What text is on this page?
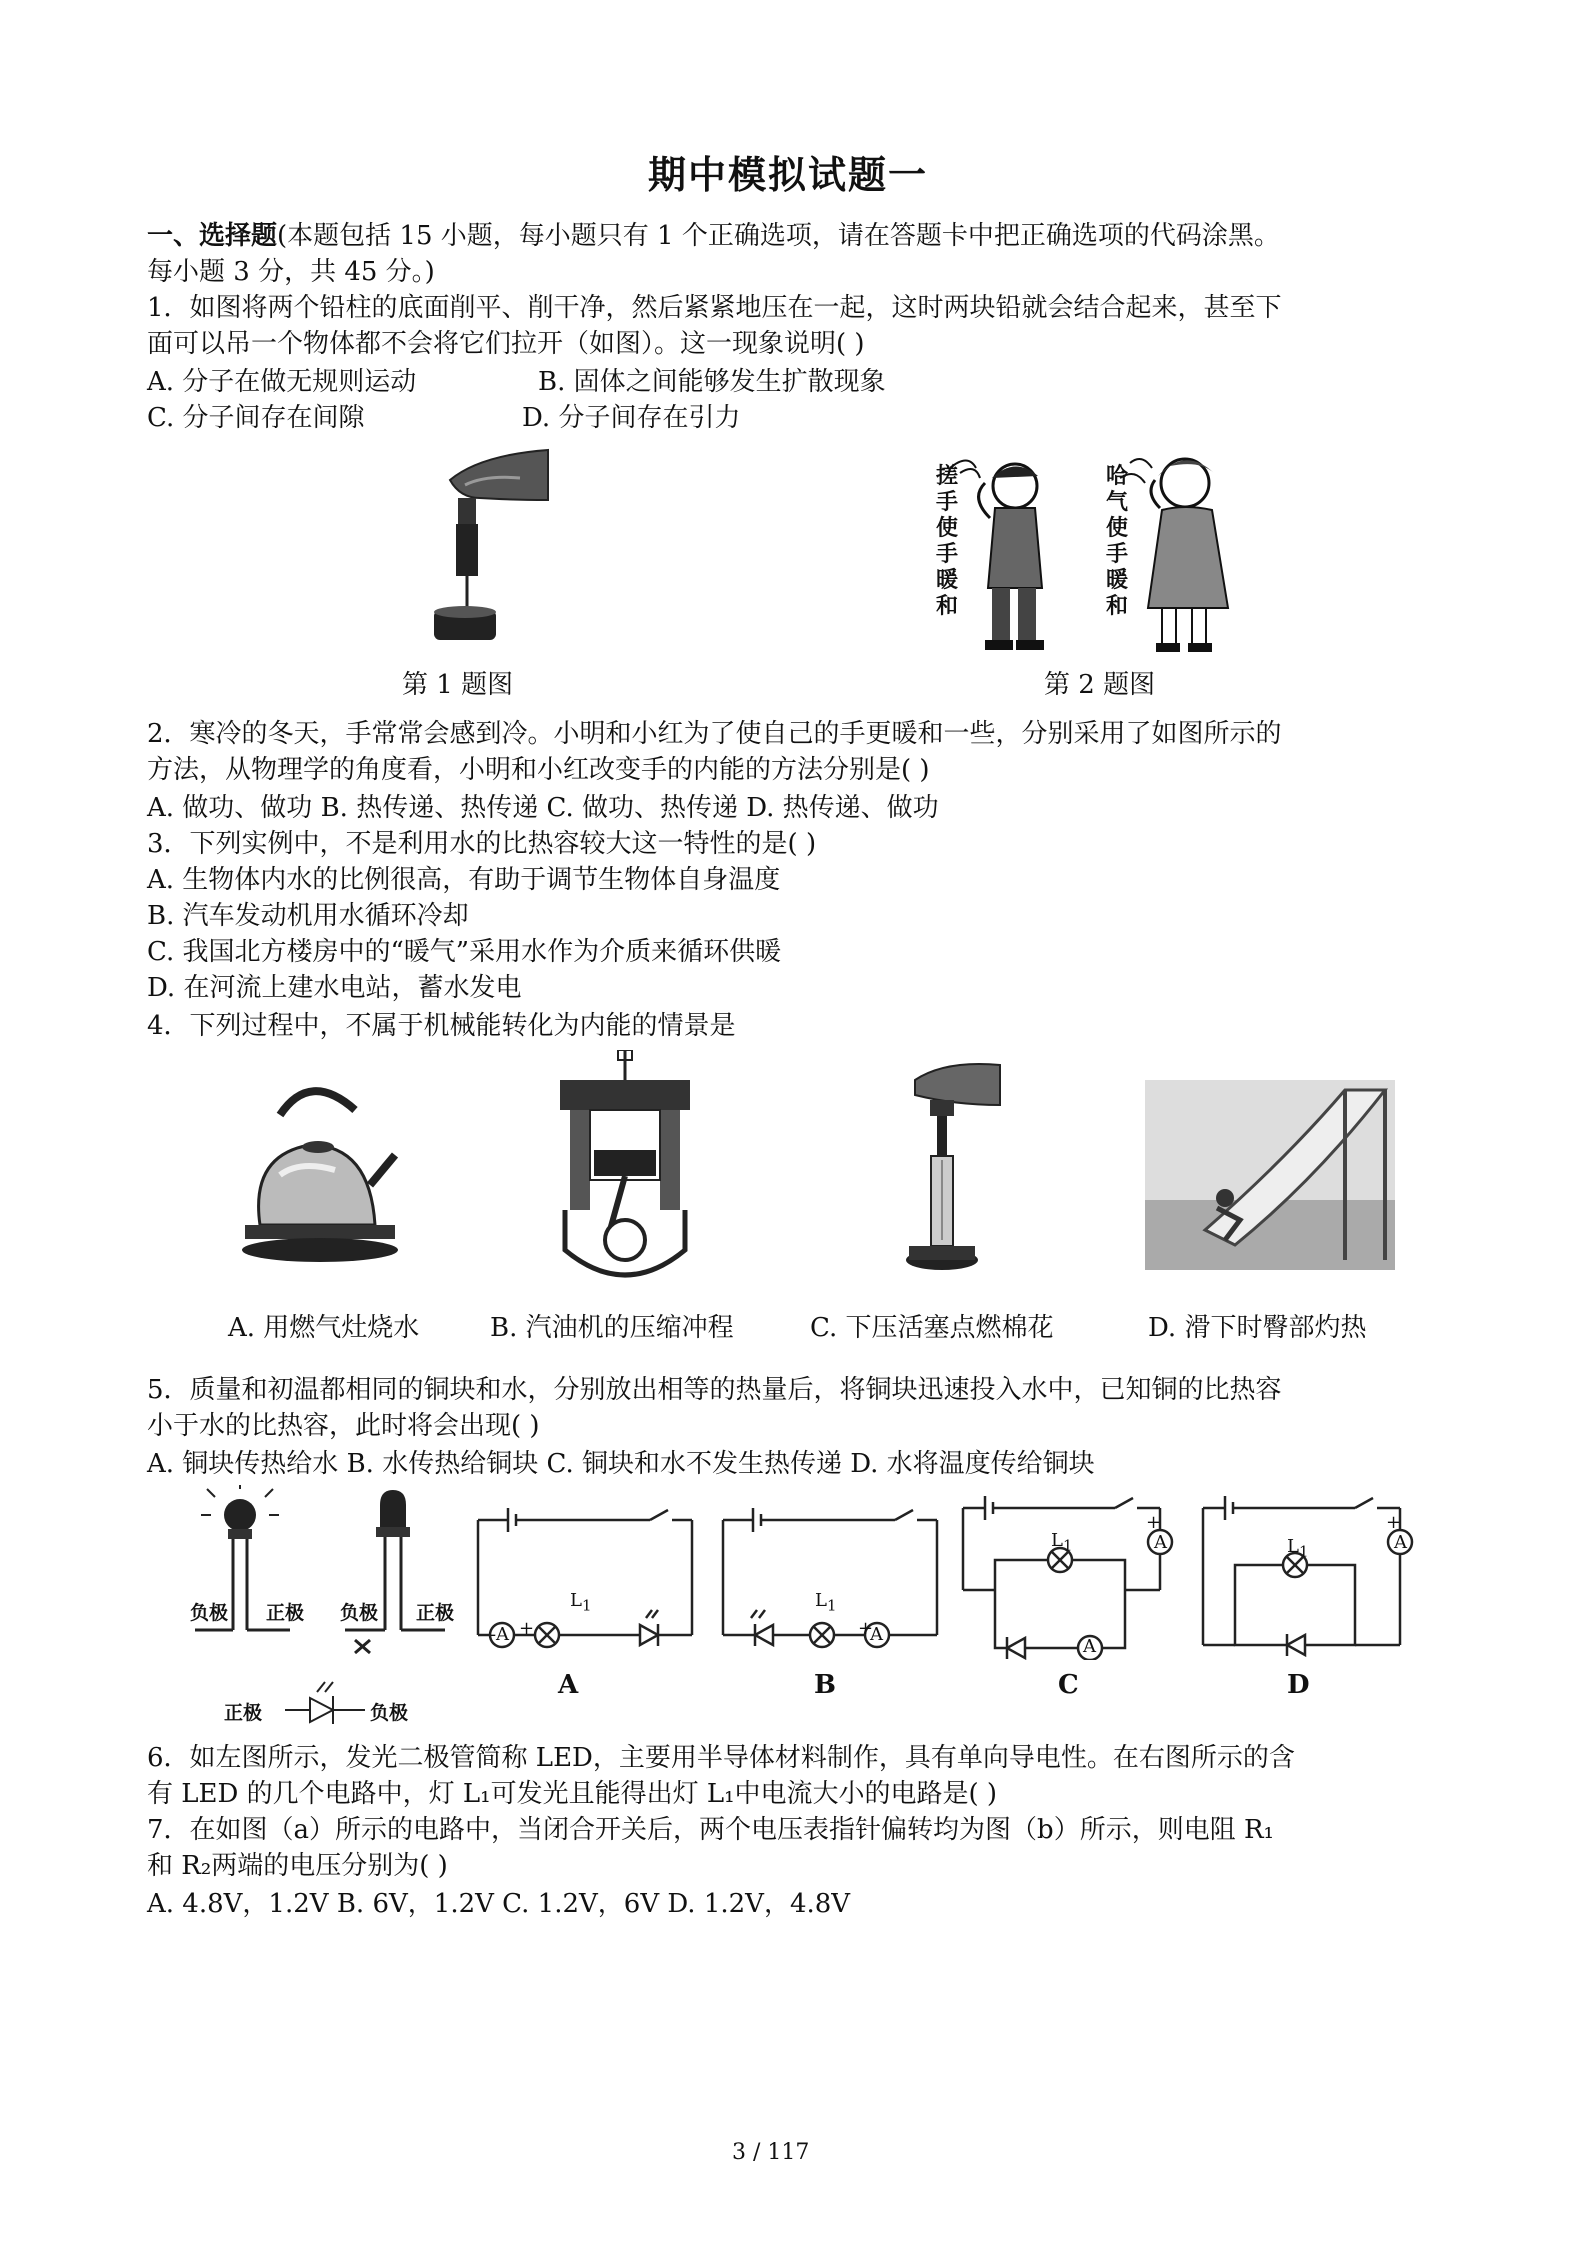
期中模拟试题一
一、选择题(本题包括 15 小题，每小题只有 1 个正确选项，请在答题卡中把正确选项的代码涂黑。
每小题 3 分，共 45 分。)
1．如图将两个铅柱的底面削平、削干净，然后紧紧地压在一起，这时两块铅就会结合起来，甚至下
面可以吊一个物体都不会将它们拉开（如图）。这一现象说明( )
A. 分子在做无规则运动	B. 固体之间能够发生扩散现象
C. 分子间存在间隙	D. 分子间存在引力
第 1 题图
搓手使手暖和
哈气使手暖和
第 2 题图
2．寒冷的冬天，手常常会感到冷。小明和小红为了使自己的手更暖和一些，分别采用了如图所示的
方法，从物理学的角度看，小明和小红改变手的内能的方法分别是( )
A. 做功、做功 B. 热传递、热传递 C. 做功、热传递 D. 热传递、做功
3．下列实例中，不是利用水的比热容较大这一特性的是( )
A. 生物体内水的比例很高，有助于调节生物体自身温度
B. 汽车发动机用水循环冷却
C. 我国北方楼房中的“暖气”采用水作为介质来循环供暖
D. 在河流上建水电站，蓄水发电
4．下列过程中，不属于机械能转化为内能的情景是
A. 用燃气灶烧水	B. 汽油机的压缩冲程	C. 下压活塞点燃棉花	D. 滑下时臀部灼热
5．质量和初温都相同的铜块和水，分别放出相等的热量后，将铜块迅速投入水中，已知铜的比热容
小于水的比热容，此时将会出现( )
A. 铜块传热给水 B. 水传热给铜块 C. 铜块和水不发生热传递 D. 水将温度传给铜块
负极 正极 负极 正极
正极	负极
- A +
$L_1$
A
A
+
$L_1$
B
A
+
A
$L_1$
C
A
+
$L_1$
D
6．如左图所示，发光二极管简称 LED，主要用半导体材料制作，具有单向导电性。在右图所示的含
有 LED 的几个电路中，灯 L₁可发光且能得出灯 L₁中电流大小的电路是( )
7．在如图（a）所示的电路中，当闭合开关后，两个电压表指针偏转均为图（b）所示，则电阻 R₁
和 R₂两端的电压分别为( )
A. 4.8V，1.2V B. 6V，1.2V C. 1.2V，6V D. 1.2V，4.8V
3 / 117
